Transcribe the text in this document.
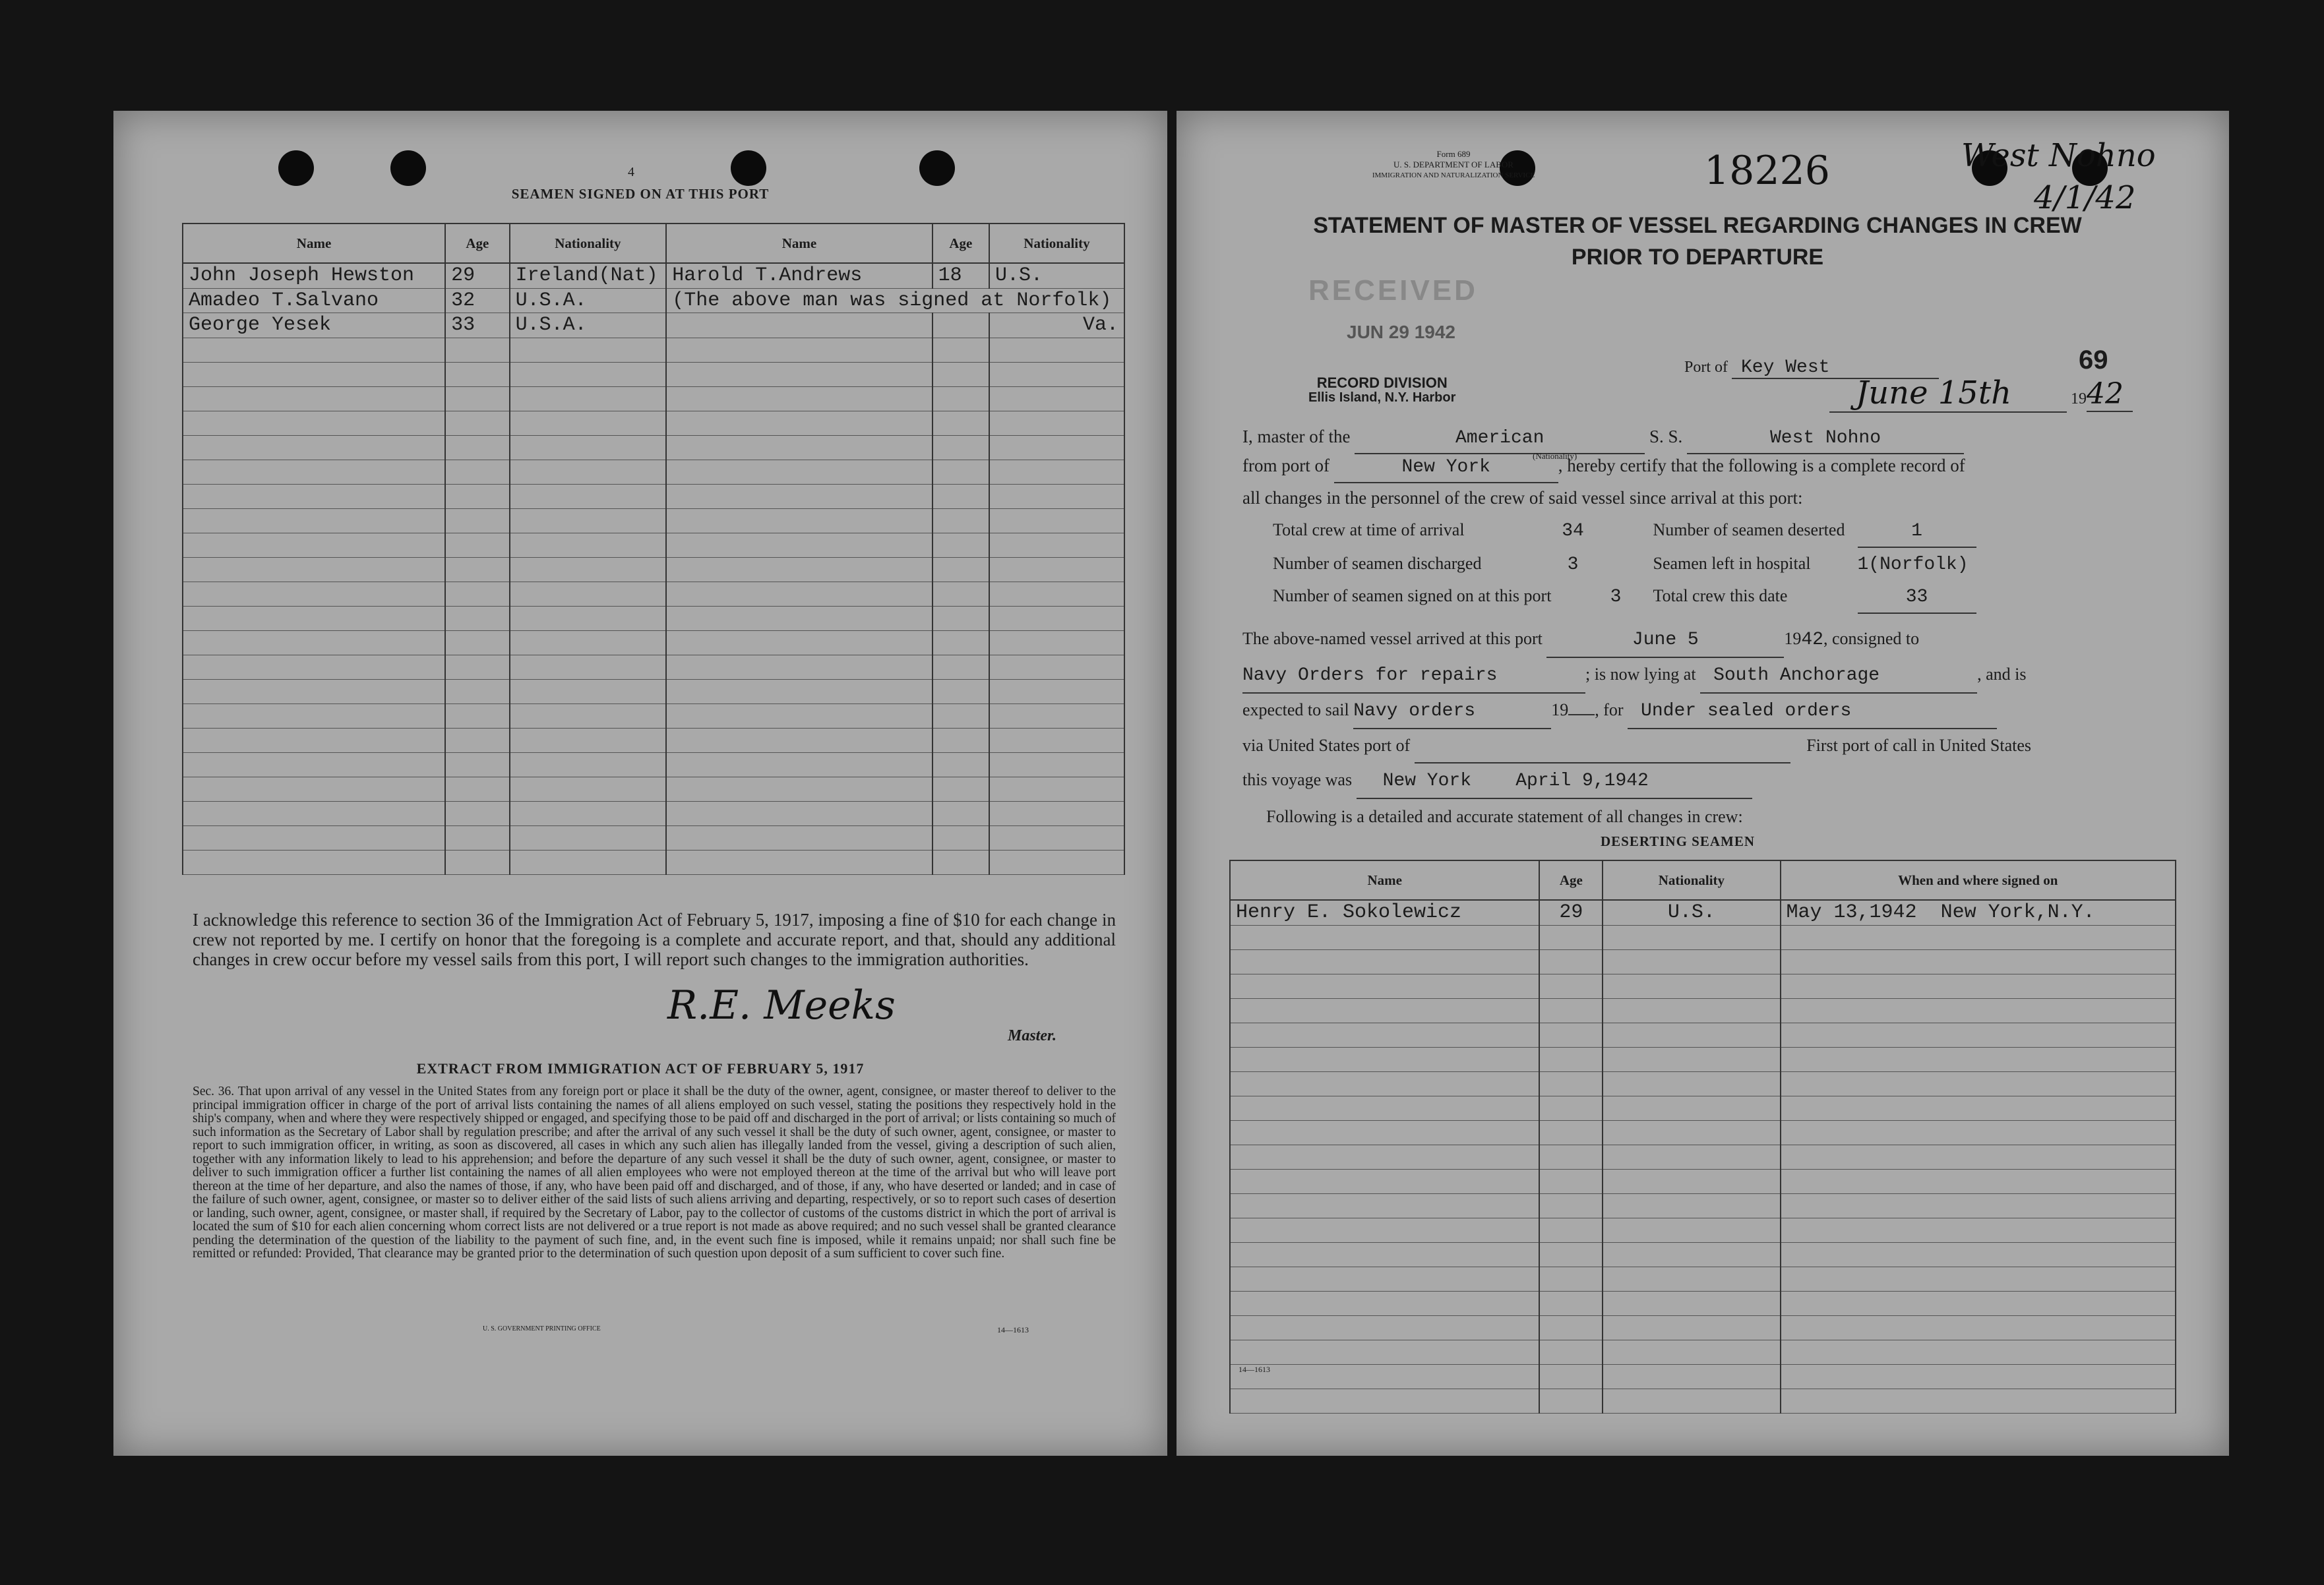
4
SEAMEN SIGNED ON AT THIS PORT
Name	Age	Nationality	Name	Age	Nationality
John Joseph Hewston	29	Ireland(Nat)	Harold T.Andrews	18	U.S.
Amadeo T.Salvano	32	U.S.A.	(The above man was signed at Norfolk)		
George Yesek	33	U.S.A.			Va.

I acknowledge this reference to section 36 of the Immigration Act of February 5, 1917, imposing a fine of $10 for each change in crew not reported by me. I certify on honor that the foregoing is a complete and accurate report, and that, should any additional changes in crew occur before my vessel sails from this port, I will report such changes to the immigration authorities.
R.E. Meeks
Master.
EXTRACT FROM IMMIGRATION ACT OF FEBRUARY 5, 1917
Sec. 36. That upon arrival of any vessel in the United States from any foreign port or place it shall be the duty of the owner, agent, consignee, or master thereof to deliver to the principal immigration officer in charge of the port of arrival lists containing the names of all aliens employed on such vessel, stating the positions they respectively hold in the ship's company, when and where they were respectively shipped or engaged, and specifying those to be paid off and discharged in the port of arrival; or lists containing so much of such information as the Secretary of Labor shall by regulation prescribe; and after the arrival of any such vessel it shall be the duty of such owner, agent, consignee, or master to report to such immigration officer, in writing, as soon as discovered, all cases in which any such alien has illegally landed from the vessel, giving a description of such alien, together with any information likely to lead to his apprehension; and before the departure of any such vessel it shall be the duty of such owner, agent, consignee, or master to deliver to such immigration officer a further list containing the names of all alien employees who were not employed thereon at the time of the arrival but who will leave port thereon at the time of her departure, and also the names of those, if any, who have been paid off and discharged, and of those, if any, who have deserted or landed; and in case of the failure of such owner, agent, consignee, or master so to deliver either of the said lists of such aliens arriving and departing, respectively, or so to report such cases of desertion or landing, such owner, agent, consignee, or master shall, if required by the Secretary of Labor, pay to the collector of customs of the customs district in which the port of arrival is located the sum of $10 for each alien concerning whom correct lists are not delivered or a true report is not made as above required; and no such vessel shall be granted clearance pending the determination of the question of the liability to the payment of such fine, and, in the event such fine is imposed, while it remains unpaid; nor shall such fine be remitted or refunded: Provided, That clearance may be granted prior to the determination of such question upon deposit of a sum sufficient to cover such fine.
U. S. GOVERNMENT PRINTING OFFICE	14—1613
Form 689
U. S. DEPARTMENT OF LABOR
IMMIGRATION AND NATURALIZATION SERVICE	18226	West Nohno
4/1/42
STATEMENT OF MASTER OF VESSEL REGARDING CHANGES IN CREW
PRIOR TO DEPARTURE
RECEIVED
JUN 29 1942
RECORD DIVISION
Ellis Island, N.Y. Harbor
Port of Key West	69
June 15th	1942
I, master of the	American	S. S.	West Nohno
(Nationality)
from port of	New York	, hereby certify that the following is a complete record of
all changes in the personnel of the crew of said vessel since arrival at this port:
Total crew at time of arrival	34	Number of seamen deserted	1
Number of seamen discharged	3	Seamen left in hospital	1(Norfolk)
Number of seamen signed on at this port	3 Total crew this date	33
The above-named vessel arrived at this port	June 5	1942, consigned to
Navy Orders for repairs	; is now lying at South Anchorage	, and is
expected to sail Navy orders	19 , for Under sealed orders
via United States port of	First port of call in United States
this voyage was New York    April 9,1942
Following is a detailed and accurate statement of all changes in crew:
DESERTING SEAMEN
Name	Age	Nationality	When and where signed on
Henry E. Sokolewicz	29	U.S.	May 13,1942  New York,N.Y.

14—1613
